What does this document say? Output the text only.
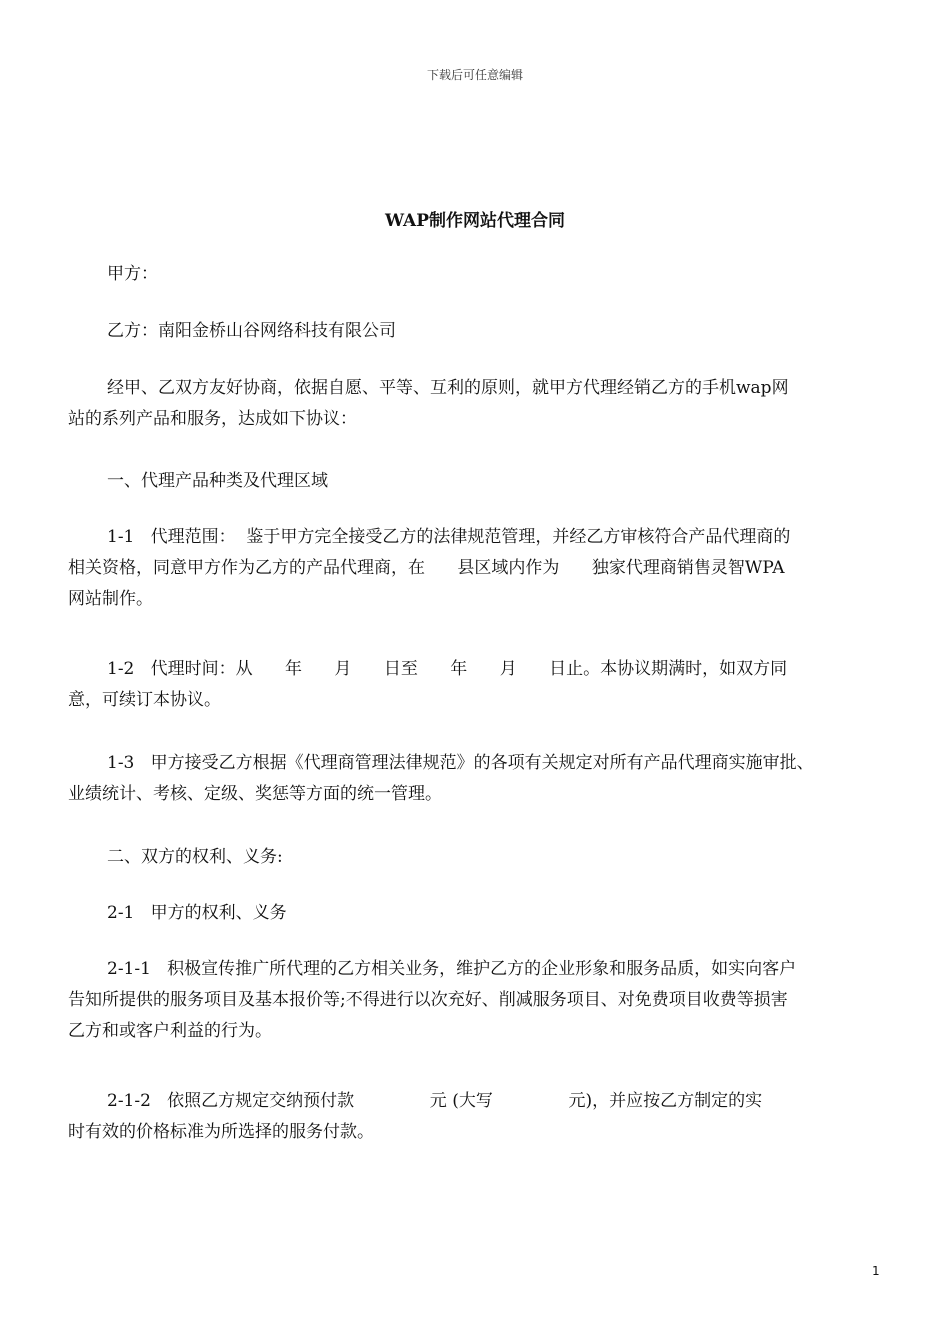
下载后可任意编辑
WAP制作网站代理合同
甲方：
乙方：南阳金桥山谷网络科技有限公司
经甲、乙双方友好协商，依据自愿、平等、互利的原则，就甲方代理经销乙方的手机wap网
站的系列产品和服务，达成如下协议：
一、代理产品种类及代理区域
1-1   代理范围：  鉴于甲方完全接受乙方的法律规范管理，并经乙方审核符合产品代理商的
相关资格，同意甲方作为乙方的产品代理商，在      县区域内作为      独家代理商销售灵智WPA
网站制作。
1-2   代理时间：从      年      月      日至      年      月      日止。本协议期满时，如双方同
意，可续订本协议。
1-3   甲方接受乙方根据《代理商管理法律规范》的各项有关规定对所有产品代理商实施审批、
业绩统计、考核、定级、奖惩等方面的统一管理。
二、双方的权利、义务:
2-1   甲方的权利、义务
2-1-1   积极宣传推广所代理的乙方相关业务，维护乙方的企业形象和服务品质，如实向客户
告知所提供的服务项目及基本报价等;不得进行以次充好、削减服务项目、对免费项目收费等损害
乙方和或客户利益的行为。
2-1-2   依照乙方规定交纳预付款              元 (大写              元)，并应按乙方制定的实
时有效的价格标准为所选择的服务付款。
1
